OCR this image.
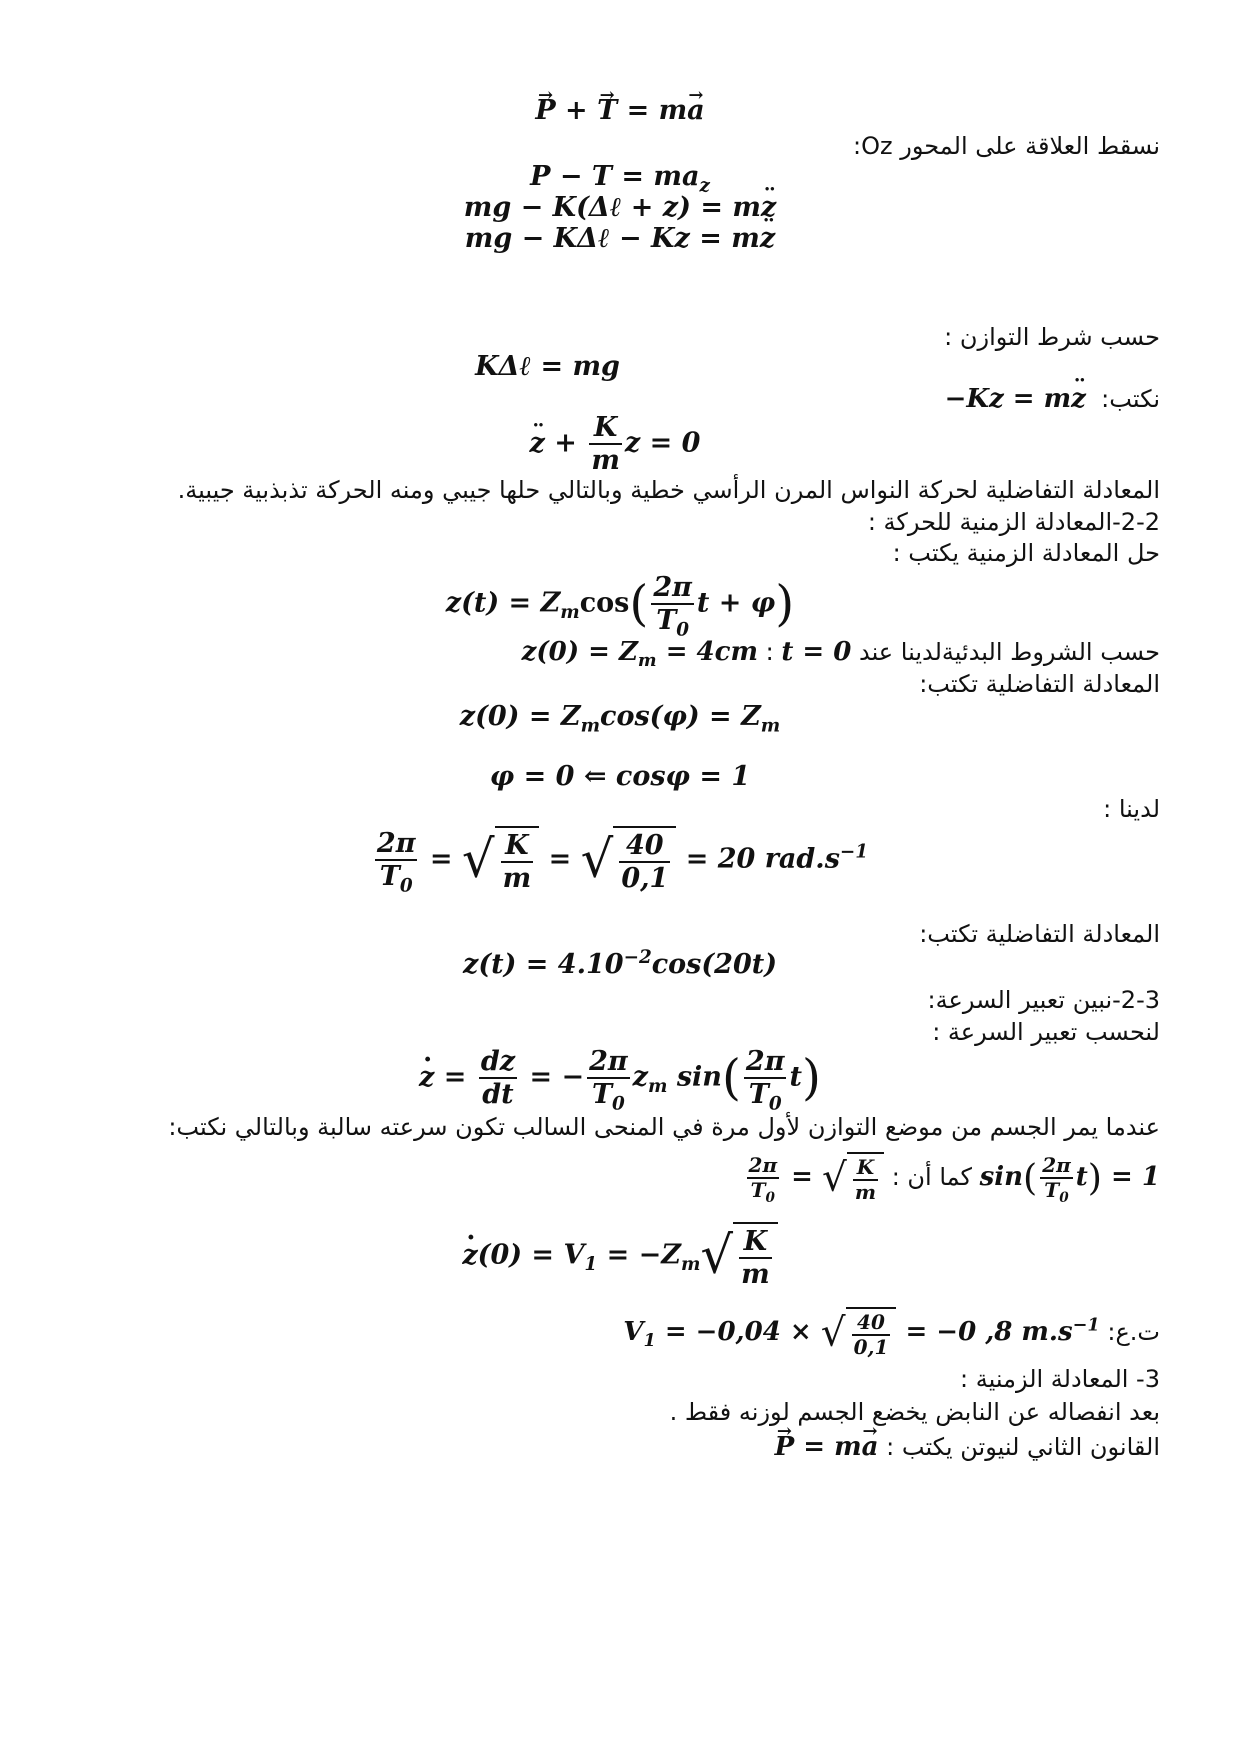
→ P + → T = m→ a
نسقط العلاقة على المحور Oz:
$P - T = ma_z$
mg − K(Δℓ + z) = mz ¨
mg − KΔℓ − Kz = mz ¨
حسب شرط التوازن :
KΔℓ = mg
نكتب:  −Kz = mz ¨
z ¨ + $\frac{K}{m}$ z = 0
المعادلة التفاضلية لحركة النواس المرن الرأسي خطية وبالتالي حلها جيبي ومنه الحركة تذبذبية جيبية.
2-2-المعادلة الزمنية للحركة :
حل المعادلة الزمنية يكتب :
$z(t) = Z_m\cos( \frac{2\pi}{T_0}$ t + φ)
حسب الشروط البدئيةلدينا عند t = 0 : $z(0) = Z_m = 4cm$
المعادلة التفاضلية تكتب:
$z(0) = Z_m\cos(\varphi) = Z_m$
φ = 0 ⇐ cosφ = 1
لدينا :
$\frac{2\pi}{T_0}$ = √ $\frac{K}{m}$ = √ $\frac{40}{0,1} = 20$ $rad.s^{-1}$
المعادلة التفاضلية تكتب:
$z(t) = 4.10^{-2}\cos(20t)$
2-3-نبين تعبير السرعة:
لنحسب تعبير السرعة :
z · = $\frac{dz}{dt}$ = − $\frac{2\pi}{T_0} z_m$ $\sin( \frac{2\pi}{T_0} t)$
عندما يمر الجسم من موضع التوازن لأول مرة في المنحى السالب تكون سرعته سالبة وبالتالي نكتب:
$\sin( \frac{2\pi}{T_0} t) = 1$ كما أن :
$\frac{2\pi}{T_0}$ = √ $\frac{K}{m}$
$z \cdot(0) = V_1 = -Z_m√ \frac{K}{m}$
ت.ع: $V_1 = -0,04$ × √ $\frac{40}{0,1} = -0$ ,8 $m.s^{-1}$
3- المعادلة الزمنية :
بعد انفصاله عن النابض يخضع الجسم لوزنه فقط .
القانون الثاني لنيوتن يكتب : → P = m→ a
